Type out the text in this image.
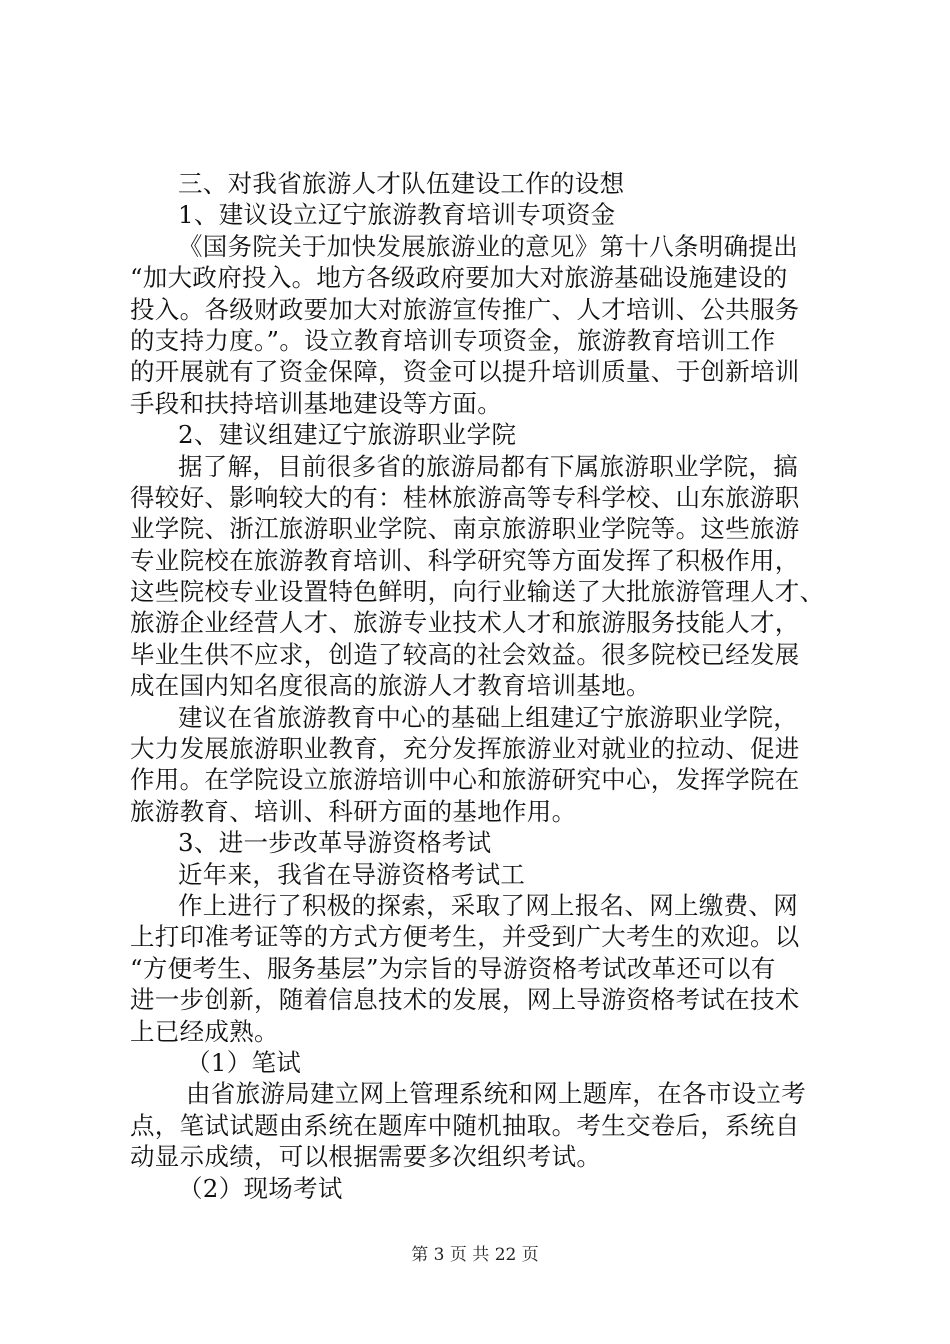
三、对我省旅游人才队伍建设工作的设想
1、建议设立辽宁旅游教育培训专项资金
《国务院关于加快发展旅游业的意见》第十八条明确提出
“加大政府投入。地方各级政府要加大对旅游基础设施建设的
投入。各级财政要加大对旅游宣传推广、人才培训、公共服务
的支持力度。”。设立教育培训专项资金，旅游教育培训工作
的开展就有了资金保障，资金可以提升培训质量、于创新培训
手段和扶持培训基地建设等方面。
2、建议组建辽宁旅游职业学院
据了解，目前很多省的旅游局都有下属旅游职业学院，搞
得较好、影响较大的有：桂林旅游高等专科学校、山东旅游职
业学院、浙江旅游职业学院、南京旅游职业学院等。这些旅游
专业院校在旅游教育培训、科学研究等方面发挥了积极作用，
这些院校专业设置特色鲜明，向行业输送了大批旅游管理人才、
旅游企业经营人才、旅游专业技术人才和旅游服务技能人才，
毕业生供不应求，创造了较高的社会效益。很多院校已经发展
成在国内知名度很高的旅游人才教育培训基地。
建议在省旅游教育中心的基础上组建辽宁旅游职业学院，
大力发展旅游职业教育，充分发挥旅游业对就业的拉动、促进
作用。在学院设立旅游培训中心和旅游研究中心，发挥学院在
旅游教育、培训、科研方面的基地作用。
3、进一步改革导游资格考试
近年来，我省在导游资格考试工
作上进行了积极的探索，采取了网上报名、网上缴费、网
上打印准考证等的方式方便考生，并受到广大考生的欢迎。以
“方便考生、服务基层”为宗旨的导游资格考试改革还可以有
进一步创新，随着信息技术的发展，网上导游资格考试在技术
上已经成熟。
（1）笔试
由省旅游局建立网上管理系统和网上题库，在各市设立考
点，笔试试题由系统在题库中随机抽取。考生交卷后，系统自
动显示成绩，可以根据需要多次组织考试。
（2）现场考试
第 3 页 共 22 页
